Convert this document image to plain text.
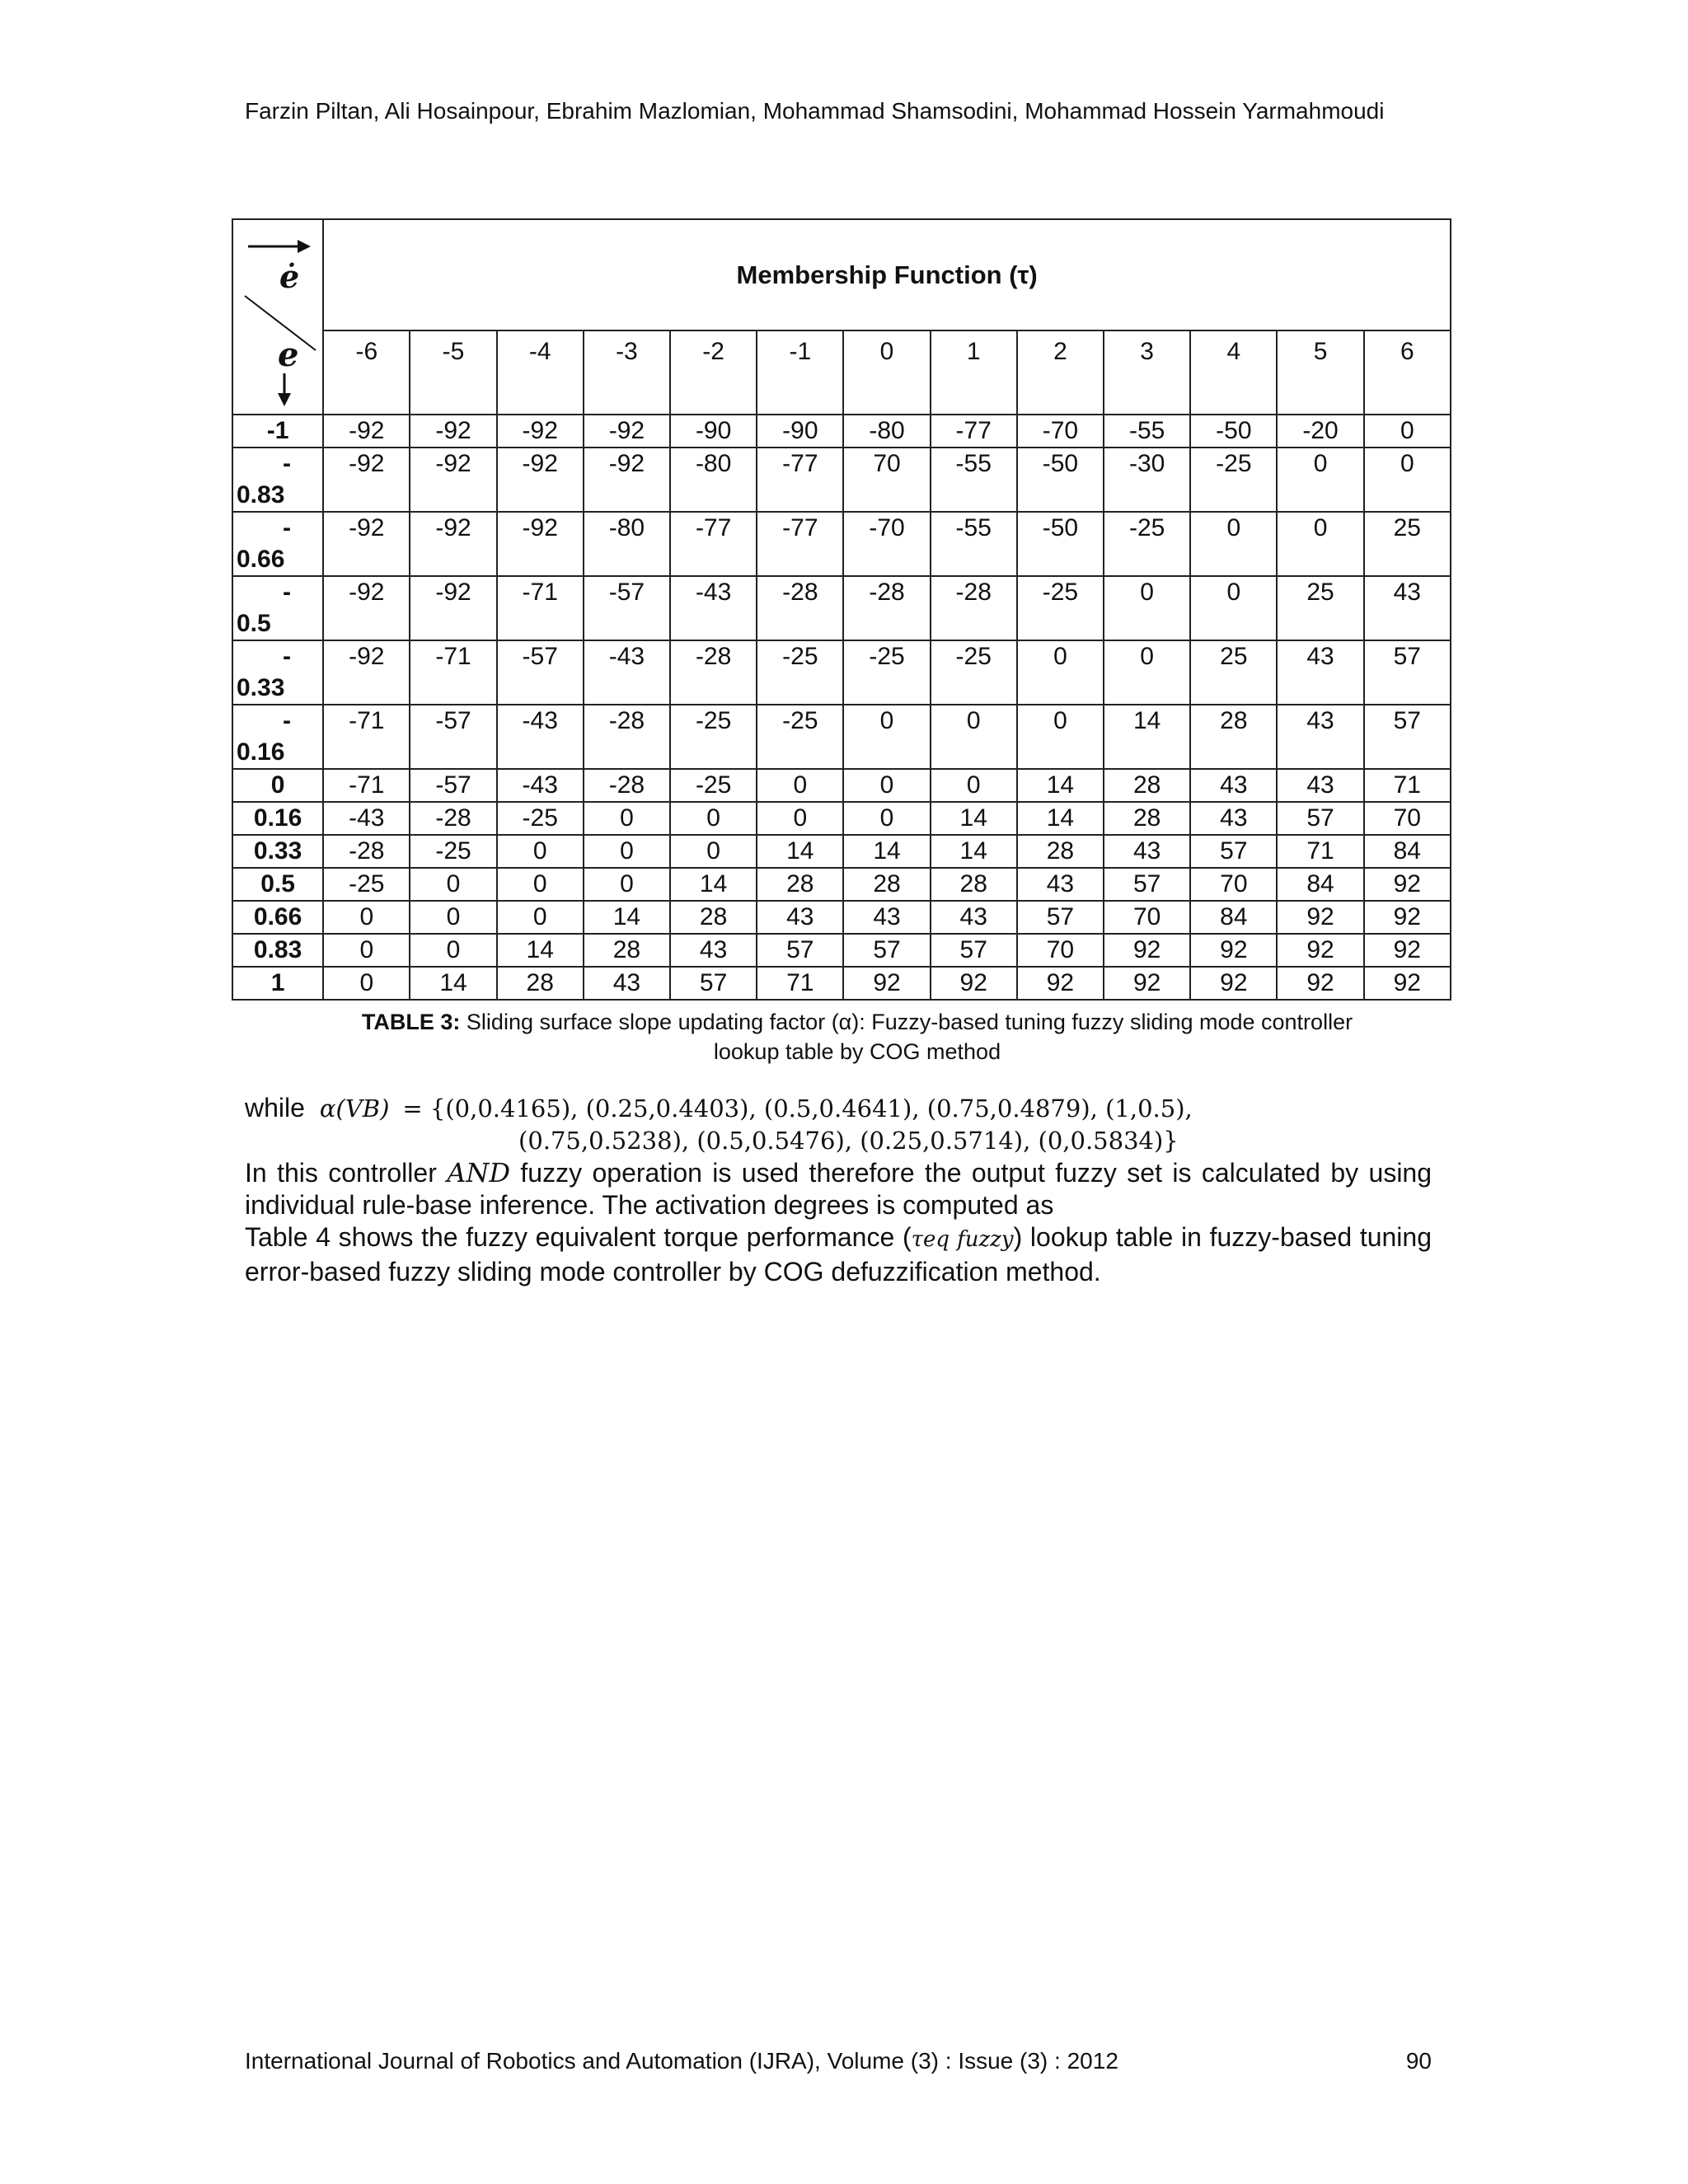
Farzin Piltan, Ali Hosainpour, Ebrahim Mazlomian, Mohammad Shamsodini, Mohammad Hossein Yarmahmoudi
ė
e	Membership Function (τ)												
	-6	-5	-4	-3	-2	-1	0	1	2	3	4	5	6
-1	-92	-92	-92	-92	-90	-90	-80	-77	-70	-55	-50	-20	0

-
0.83	-92	-92	-92	-92	-80	-77	70	-55	-50	-30	-25	0	0

-
0.66	-92	-92	-92	-80	-77	-77	-70	-55	-50	-25	0	0	25

-
0.5	-92	-92	-71	-57	-43	-28	-28	-28	-25	0	0	25	43

-
0.33	-92	-71	-57	-43	-28	-25	-25	-25	0	0	25	43	57

-
0.16	-71	-57	-43	-28	-25	-25	0	0	0	14	28	43	57
0	-71	-57	-43	-28	-25	0	0	0	14	28	43	43	71
0.16	-43	-28	-25	0	0	0	0	14	14	28	43	57	70
0.33	-28	-25	0	0	0	14	14	14	28	43	57	71	84
0.5	-25	0	0	0	14	28	28	28	43	57	70	84	92
0.66	0	0	0	14	28	43	43	43	57	70	84	92	92
0.83	0	0	14	28	43	57	57	57	70	92	92	92	92
1	0	14	28	43	57	71	92	92	92	92	92	92	92
TABLE 3: Sliding surface slope updating factor (α): Fuzzy-based tuning fuzzy sliding mode controller
lookup table by COG method
while α(VB) = {(0,0.4165), (0.25,0.4403), (0.5,0.4641), (0.75,0.4879), (1,0.5),
(0.75,0.5238), (0.5,0.5476), (0.25,0.5714), (0,0.5834)}
In this controller AND fuzzy operation is used therefore the output fuzzy set is calculated by using individual rule-base inference. The activation degrees is computed as
Table 4 shows the fuzzy equivalent torque performance (τeq fuzzy) lookup table in fuzzy-based tuning error-based fuzzy sliding mode controller by COG defuzzification method.
International Journal of Robotics and Automation (IJRA), Volume (3) : Issue (3) : 2012	90
